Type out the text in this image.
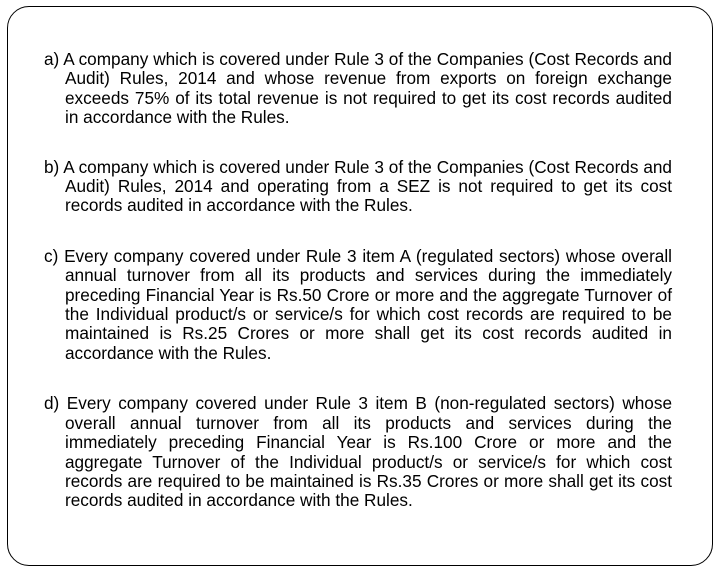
a) A company which is covered under Rule 3 of the Companies (Cost Records and Audit) Rules, 2014 and whose revenue from exports on foreign exchange exceeds 75% of its total revenue is not required to get its cost records audited in accordance with the Rules.

b) A company which is covered under Rule 3 of the Companies (Cost Records and Audit) Rules, 2014 and operating from a SEZ is not required to get its cost records audited in accordance with the Rules.

c) Every company covered under Rule 3 item A (regulated sectors) whose overall annual turnover from all its products and services during the immediately preceding Financial Year is Rs.50 Crore or more and the aggregate Turnover of the Individual product/s or service/s for which cost records are required to be maintained is Rs.25 Crores or more shall get its cost records audited in accordance with the Rules.

d) Every company covered under Rule 3 item B (non-regulated sectors) whose overall annual turnover from all its products and services during the immediately preceding Financial Year is Rs.100 Crore or more and the aggregate Turnover of the Individual product/s or service/s for which cost records are required to be maintained is Rs.35 Crores or more shall get its cost records audited in accordance with the Rules.
